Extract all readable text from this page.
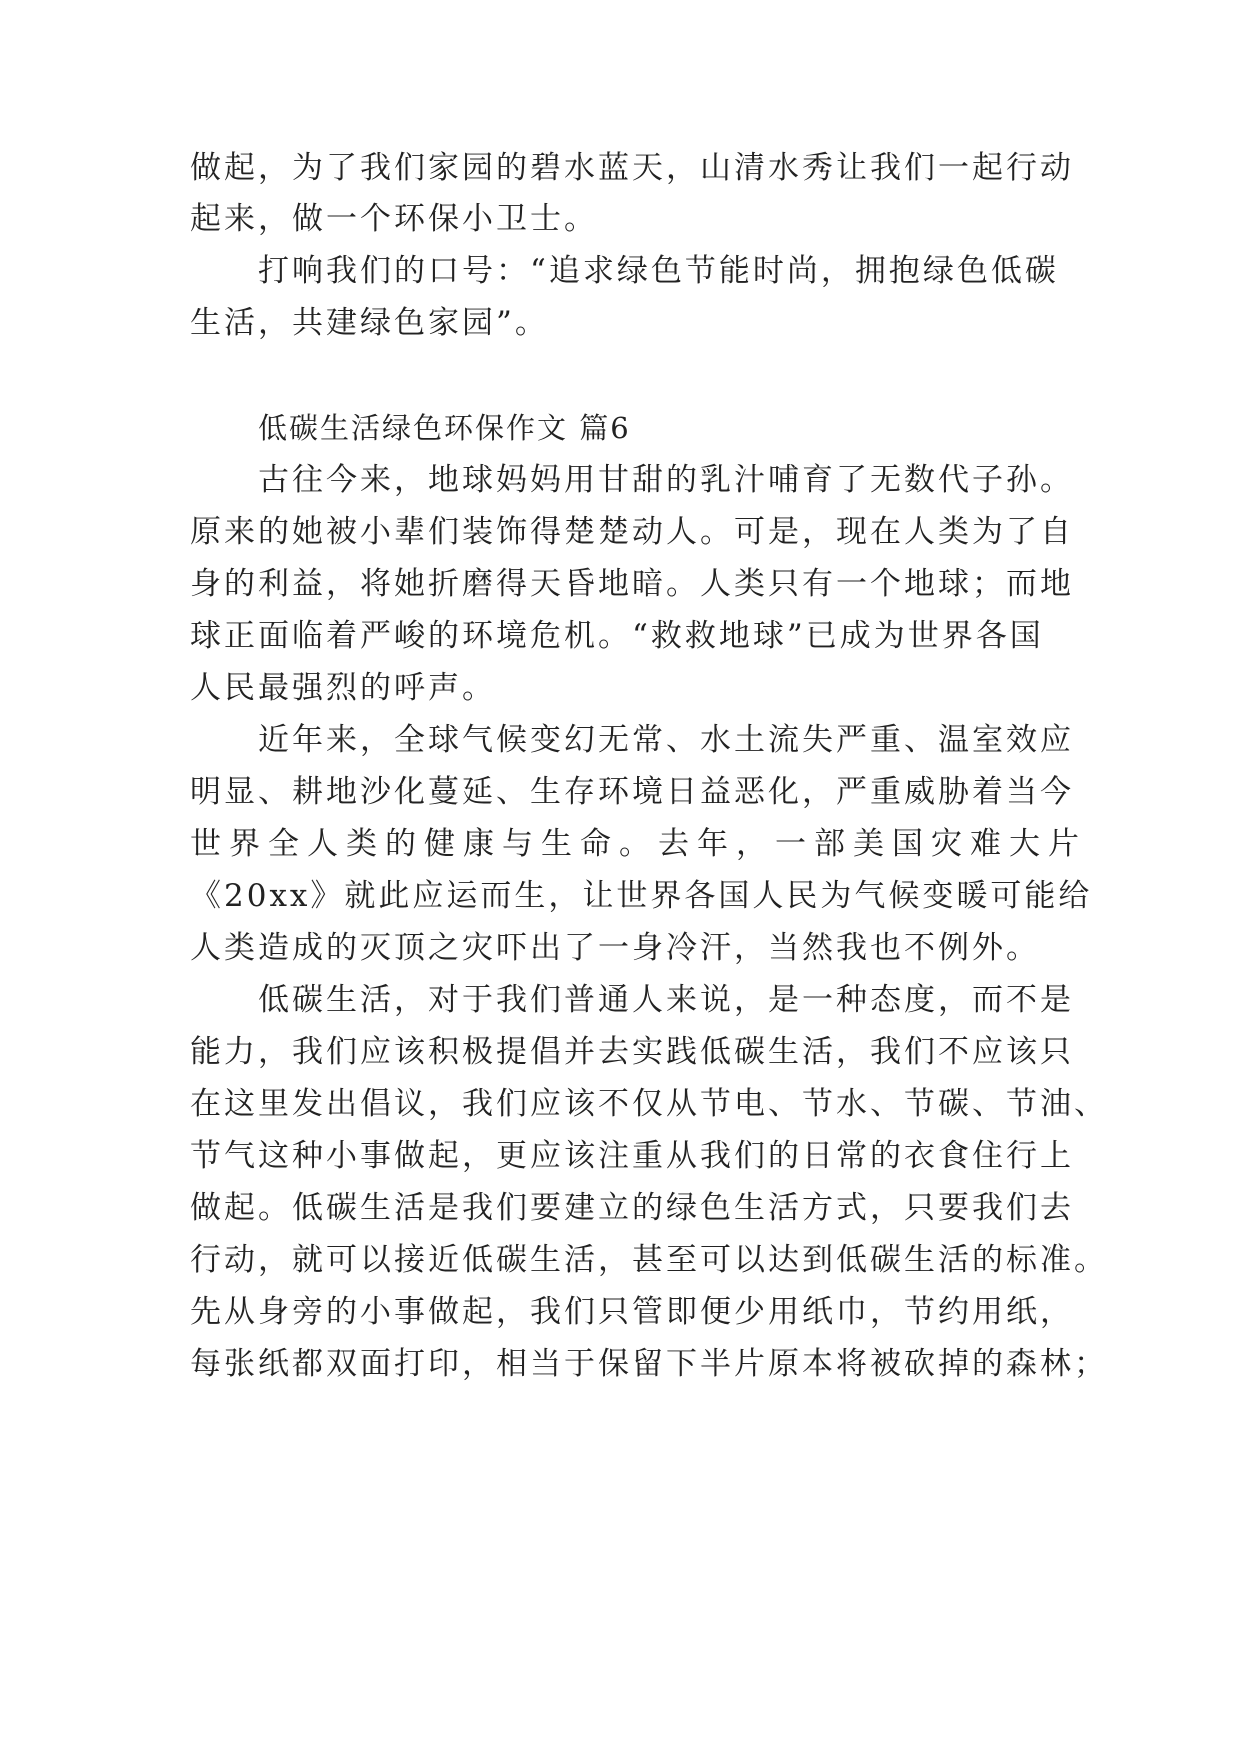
做起，为了我们家园的碧水蓝天，山清水秀让我们一起行动
起来，做一个环保小卫士。
打响我们的口号：“追求绿色节能时尚，拥抱绿色低碳
生活，共建绿色家园”。
低碳生活绿色环保作文 篇6
古往今来，地球妈妈用甘甜的乳汁哺育了无数代子孙。
原来的她被小辈们装饰得楚楚动人。可是，现在人类为了自
身的利益，将她折磨得天昏地暗。人类只有一个地球；而地
球正面临着严峻的环境危机。“救救地球”已成为世界各国
人民最强烈的呼声。
近年来，全球气候变幻无常、水土流失严重、温室效应
明显、耕地沙化蔓延、生存环境日益恶化，严重威胁着当今
世界全人类的健康与生命。去年，一部美国灾难大片
《20xx》就此应运而生，让世界各国人民为气候变暖可能给
人类造成的灭顶之灾吓出了一身冷汗，当然我也不例外。
低碳生活，对于我们普通人来说，是一种态度，而不是
能力，我们应该积极提倡并去实践低碳生活，我们不应该只
在这里发出倡议，我们应该不仅从节电、节水、节碳、节油、
节气这种小事做起，更应该注重从我们的日常的衣食住行上
做起。低碳生活是我们要建立的绿色生活方式，只要我们去
行动，就可以接近低碳生活，甚至可以达到低碳生活的标准。
先从身旁的小事做起，我们只管即便少用纸巾，节约用纸，
每张纸都双面打印，相当于保留下半片原本将被砍掉的森林；
